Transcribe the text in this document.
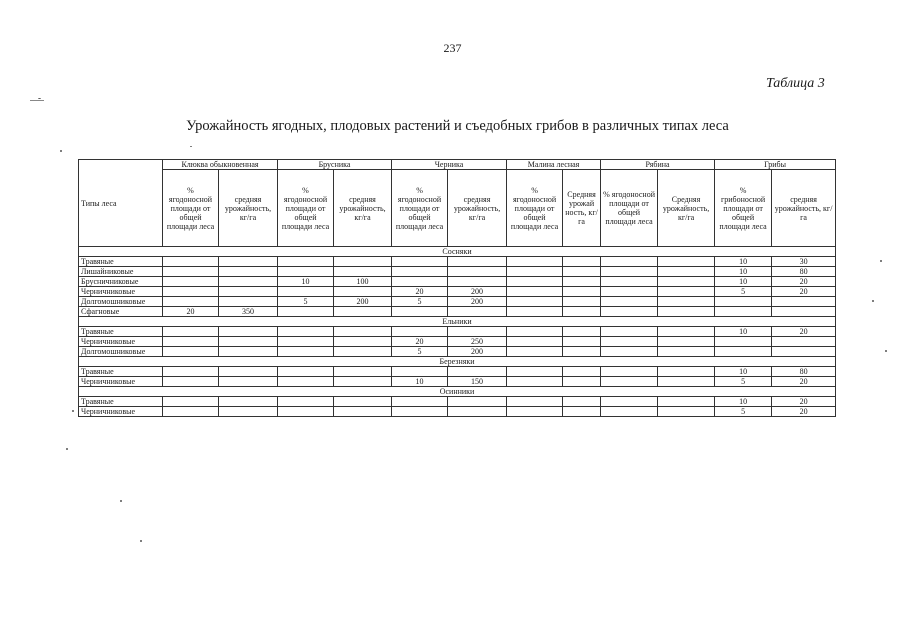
237
Таблица 3
Урожайность ягодных, плодовых растений и съедобных грибов в различных типах леса
Типы леса	Клюква обыкновенная		Брусника		Черника		Малина лесная		Рябина		Грибы	
	% ягодоносной площади от общей площади леса	средняя урожайность, кг/га	% ягодоносной площади от общей площади леса	средняя урожайность, кг/га	% ягодоносной площади от общей площади леса	средняя урожайность, кг/га	% ягодоносной площади от общей площади леса	Средняя урожай ность, кг/га	% ягодоносной площади от общей площади леса	Средняя урожайность, кг/га	% грибоносной площади от общей площади леса	средняя урожайность, кг/га
Сосняки												
Травяные											10	30
Лишайниковые											10	80
Брусничниковые			10	100							10	20
Черничниковые					20	200					5	20
Долгомошниковые			5	200	5	200						
Сфагновые	20	350										
Ельники												
Травяные											10	20
Черничниковые					20	250						
Долгомошниковые					5	200						
Березняки												
Травяные											10	80
Черничниковые					10	150					5	20
Осинники												
Травяные											10	20
Черничниковые											5	20
